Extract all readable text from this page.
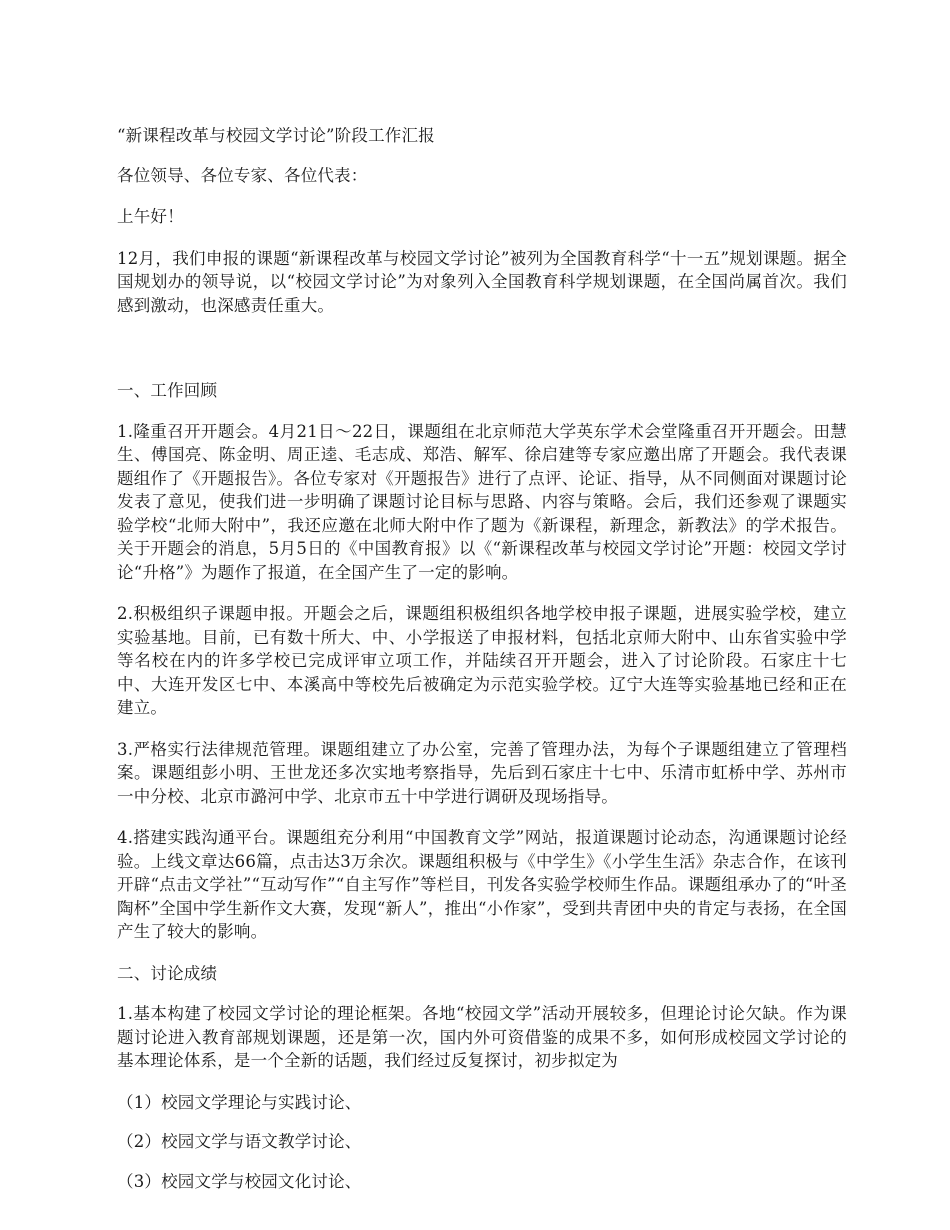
“新课程改革与校园文学讨论”阶段工作汇报

各位领导、各位专家、各位代表：

上午好！

12月，我们申报的课题“新课程改革与校园文学讨论”被列为全国教育科学“十一五”规划课题。据全国规划办的领导说，以“校园文学讨论”为对象列入全国教育科学规划课题，在全国尚属首次。我们感到激动，也深感责任重大。

一、工作回顾

1.隆重召开开题会。4月21日～22日，课题组在北京师范大学英东学术会堂隆重召开开题会。田慧生、傅国亮、陈金明、周正逵、毛志成、郑浩、解军、徐启建等专家应邀出席了开题会。我代表课题组作了《开题报告》。各位专家对《开题报告》进行了点评、论证、指导，从不同侧面对课题讨论发表了意见，使我们进一步明确了课题讨论目标与思路、内容与策略。会后，我们还参观了课题实验学校“北师大附中”，我还应邀在北师大附中作了题为《新课程，新理念，新教法》的学术报告。关于开题会的消息，5月5日的《中国教育报》以《“新课程改革与校园文学讨论”开题：校园文学讨论“升格”》为题作了报道，在全国产生了一定的影响。

2.积极组织子课题申报。开题会之后，课题组积极组织各地学校申报子课题，进展实验学校，建立实验基地。目前，已有数十所大、中、小学报送了申报材料，包括北京师大附中、山东省实验中学等名校在内的许多学校已完成评审立项工作，并陆续召开开题会，进入了讨论阶段。石家庄十七中、大连开发区七中、本溪高中等校先后被确定为示范实验学校。辽宁大连等实验基地已经和正在建立。

3.严格实行法律规范管理。课题组建立了办公室，完善了管理办法，为每个子课题组建立了管理档案。课题组彭小明、王世龙还多次实地考察指导，先后到石家庄十七中、乐清市虹桥中学、苏州市一中分校、北京市潞河中学、北京市五十中学进行调研及现场指导。

4.搭建实践沟通平台。课题组充分利用“中国教育文学”网站，报道课题讨论动态，沟通课题讨论经验。上线文章达66篇，点击达3万余次。课题组积极与《中学生》《小学生生活》杂志合作，在该刊开辟“点击文学社”“互动写作”“自主写作”等栏目，刊发各实验学校师生作品。课题组承办了的“叶圣陶杯”全国中学生新作文大赛，发现“新人”，推出“小作家”，受到共青团中央的肯定与表扬，在全国产生了较大的影响。

二、讨论成绩

1.基本构建了校园文学讨论的理论框架。各地“校园文学”活动开展较多，但理论讨论欠缺。作为课题讨论进入教育部规划课题，还是第一次，国内外可资借鉴的成果不多，如何形成校园文学讨论的基本理论体系，是一个全新的话题，我们经过反复探讨，初步拟定为

（1）校园文学理论与实践讨论、

（2）校园文学与语文教学讨论、

（3）校园文学与校园文化讨论、
